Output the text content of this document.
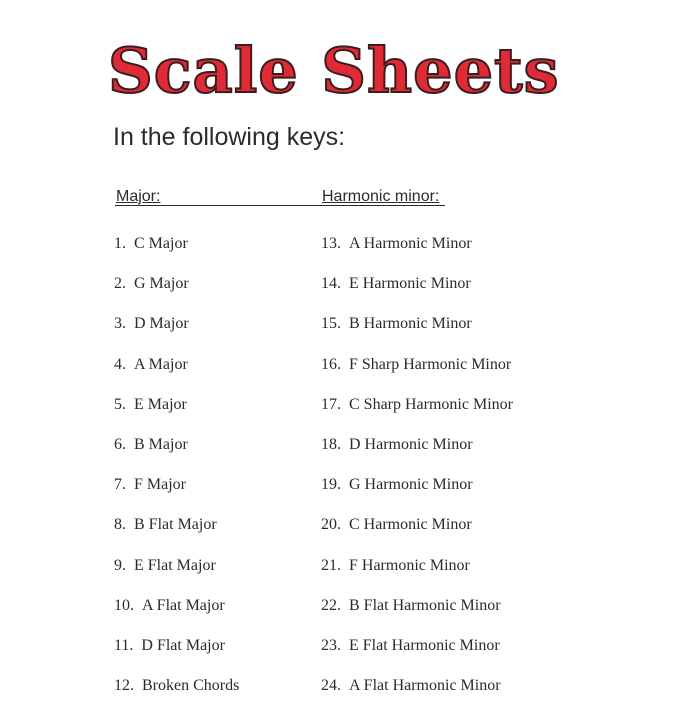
Scale Sheets
In the following keys:
Major:	Harmonic minor:
1. C Major
2. G Major
3. D Major
4. A Major
5. E Major
6. B Major
7. F Major
8. B Flat Major
9. E Flat Major
10. A Flat Major
11. D Flat Major
12. Broken Chords
13. A Harmonic Minor
14. E Harmonic Minor
15. B Harmonic Minor
16. F Sharp Harmonic Minor
17. C Sharp Harmonic Minor
18. D Harmonic Minor
19. G Harmonic Minor
20. C Harmonic Minor
21. F Harmonic Minor
22. B Flat Harmonic Minor
23. E Flat Harmonic Minor
24. A Flat Harmonic Minor
